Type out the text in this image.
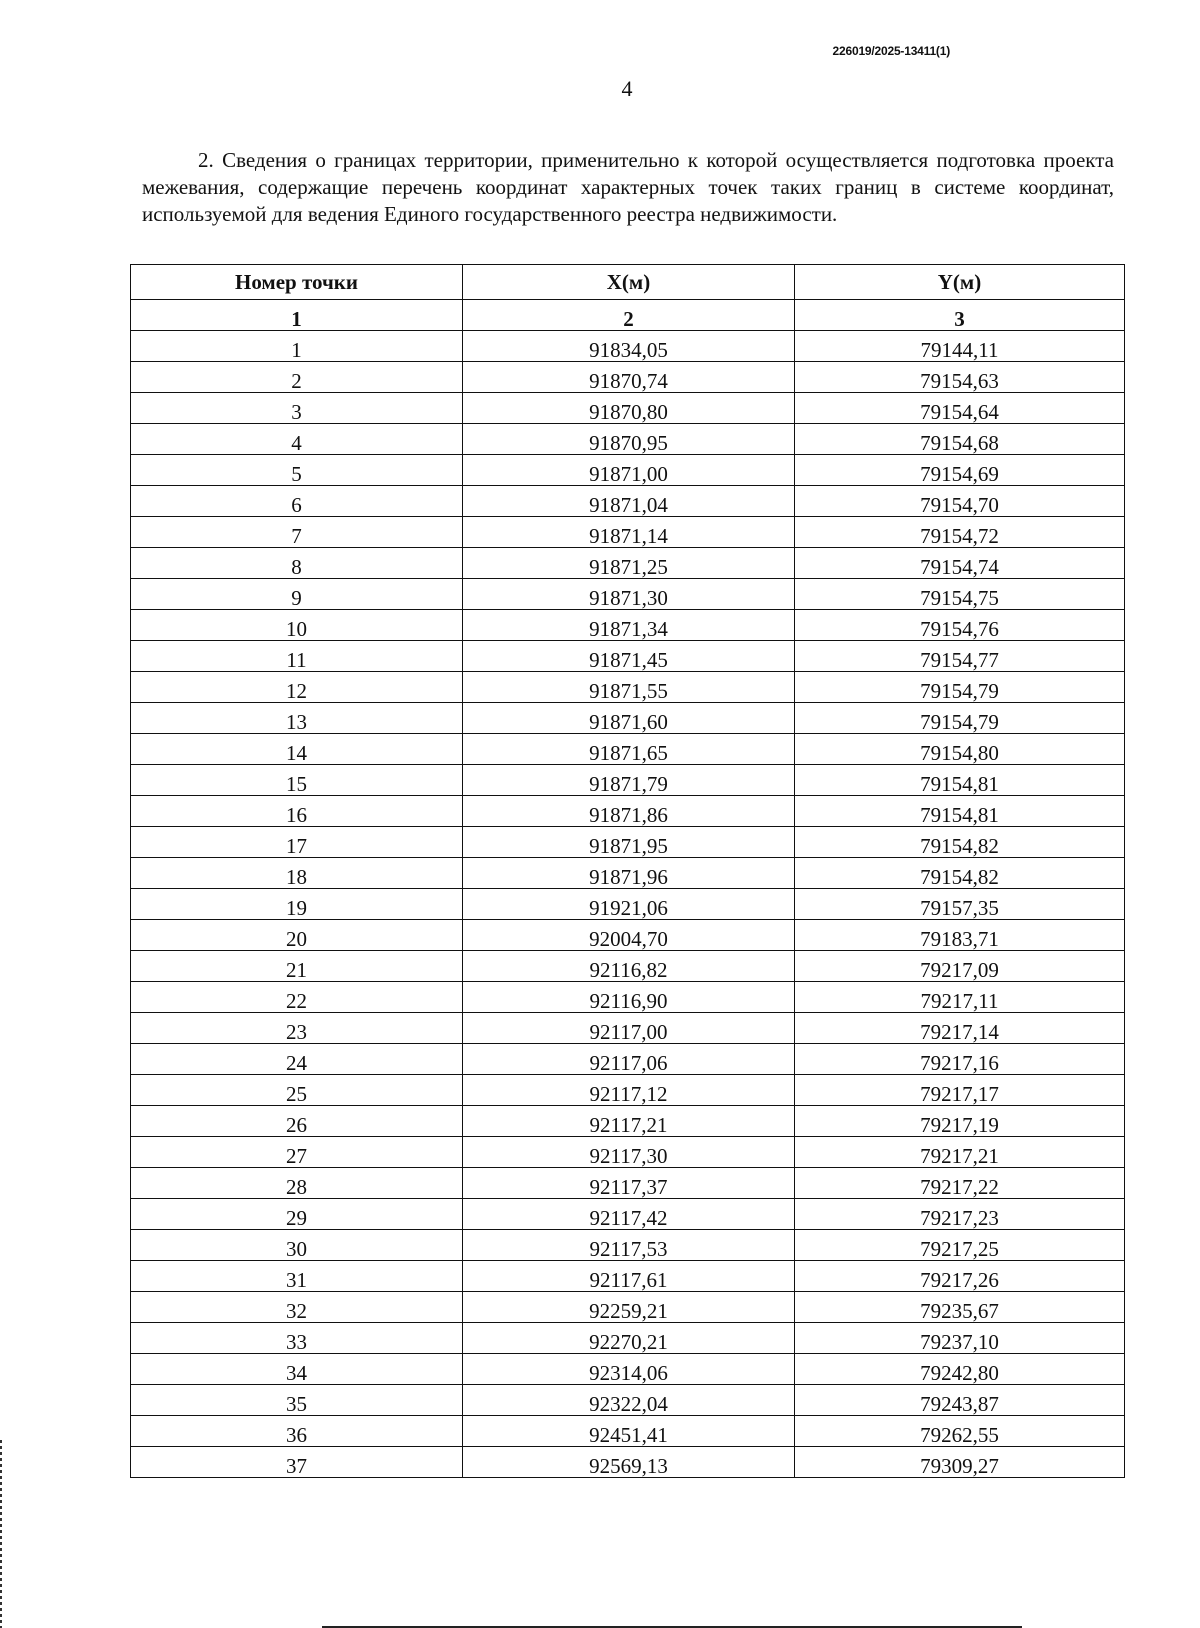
226019/2025-13411(1)
4

2. Сведения о границах территории, применительно к которой осуществляется подготовка проекта межевания, содержащие перечень координат характерных точек таких границ в системе координат, используемой для ведения Единого государственного реестра недвижимости.

Номер точки	X(м)	Y(м)
1	2	3
1	91834,05	79144,11
2	91870,74	79154,63
3	91870,80	79154,64
4	91870,95	79154,68
5	91871,00	79154,69
6	91871,04	79154,70
7	91871,14	79154,72
8	91871,25	79154,74
9	91871,30	79154,75
10	91871,34	79154,76
11	91871,45	79154,77
12	91871,55	79154,79
13	91871,60	79154,79
14	91871,65	79154,80
15	91871,79	79154,81
16	91871,86	79154,81
17	91871,95	79154,82
18	91871,96	79154,82
19	91921,06	79157,35
20	92004,70	79183,71
21	92116,82	79217,09
22	92116,90	79217,11
23	92117,00	79217,14
24	92117,06	79217,16
25	92117,12	79217,17
26	92117,21	79217,19
27	92117,30	79217,21
28	92117,37	79217,22
29	92117,42	79217,23
30	92117,53	79217,25
31	92117,61	79217,26
32	92259,21	79235,67
33	92270,21	79237,10
34	92314,06	79242,80
35	92322,04	79243,87
36	92451,41	79262,55
37	92569,13	79309,27
